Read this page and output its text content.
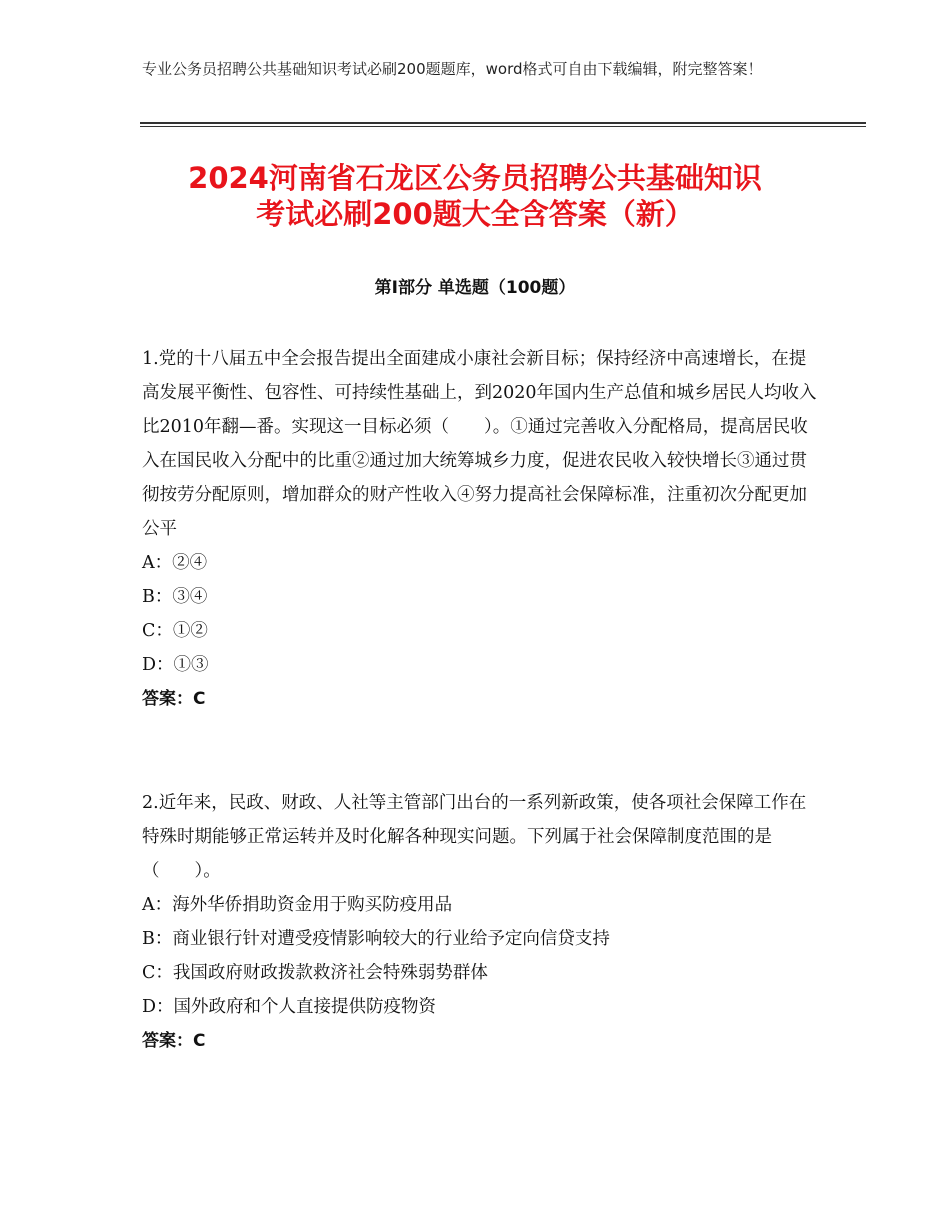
专业公务员招聘公共基础知识考试必刷200题题库，word格式可自由下载编辑，附完整答案！
2024河南省石龙区公务员招聘公共基础知识
考试必刷200题大全含答案（新）
第Ⅰ部分 单选题（100题）

1.党的十八届五中全会报告提出全面建成小康社会新目标；保持经济中高速增长，在提高发展平衡性、包容性、可持续性基础上，到2020年国内生产总值和城乡居民人均收入比2010年翻—番。实现这一目标必须（　　）。①通过完善收入分配格局，提高居民收入在国民收入分配中的比重②通过加大统筹城乡力度，促进农民收入较快增长③通过贯彻按劳分配原则，增加群众的财产性收入④努力提高社会保障标准，注重初次分配更加公平

A：②④

B：③④

C：①②

D：①③

答案：C

2.近年来，民政、财政、人社等主管部门出台的一系列新政策，使各项社会保障工作在特殊时期能够正常运转并及时化解各种现实问题。下列属于社会保障制度范围的是（　　）。

A：海外华侨捐助资金用于购买防疫用品

B：商业银行针对遭受疫情影响较大的行业给予定向信贷支持

C：我国政府财政拨款救济社会特殊弱势群体

D：国外政府和个人直接提供防疫物资

答案：C
